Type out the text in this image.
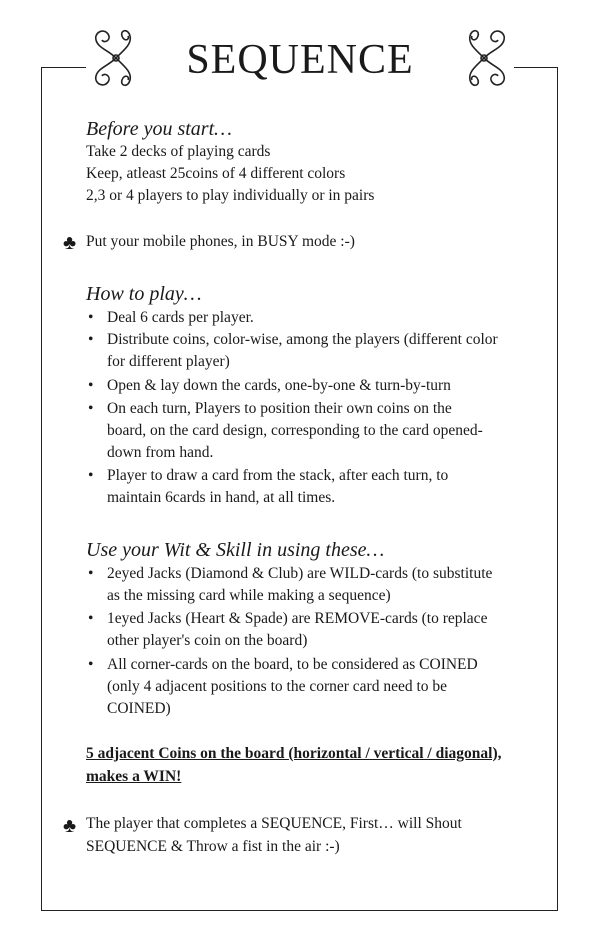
SEQUENCE
Before you start…
Take 2 decks of playing cards
Keep, atleast 25coins of 4 different colors
2,3 or 4 players to play individually or in pairs
♣ Put your mobile phones, in BUSY mode :-)
How to play…
• Deal 6 cards per player.
• Distribute coins, color-wise, among the players (different color
for different player)
• Open & lay down the cards, one-by-one & turn-by-turn
• On each turn, Players to position their own coins on the
board, on the card design, corresponding to the card opened-
down from hand.
• Player to draw a card from the stack, after each turn, to
maintain 6cards in hand, at all times.
Use your Wit & Skill in using these…
• 2eyed Jacks (Diamond & Club) are WILD-cards (to substitute
as the missing card while making a sequence)
• 1eyed Jacks (Heart & Spade) are REMOVE-cards (to replace
other player's coin on the board)
• All corner-cards on the board, to be considered as COINED
(only 4 adjacent positions to the corner card need to be
COINED)
5 adjacent Coins on the board (horizontal / vertical / diagonal),
makes a WIN!
♣ The player that completes a SEQUENCE, First… will Shout
SEQUENCE & Throw a fist in the air :-)
